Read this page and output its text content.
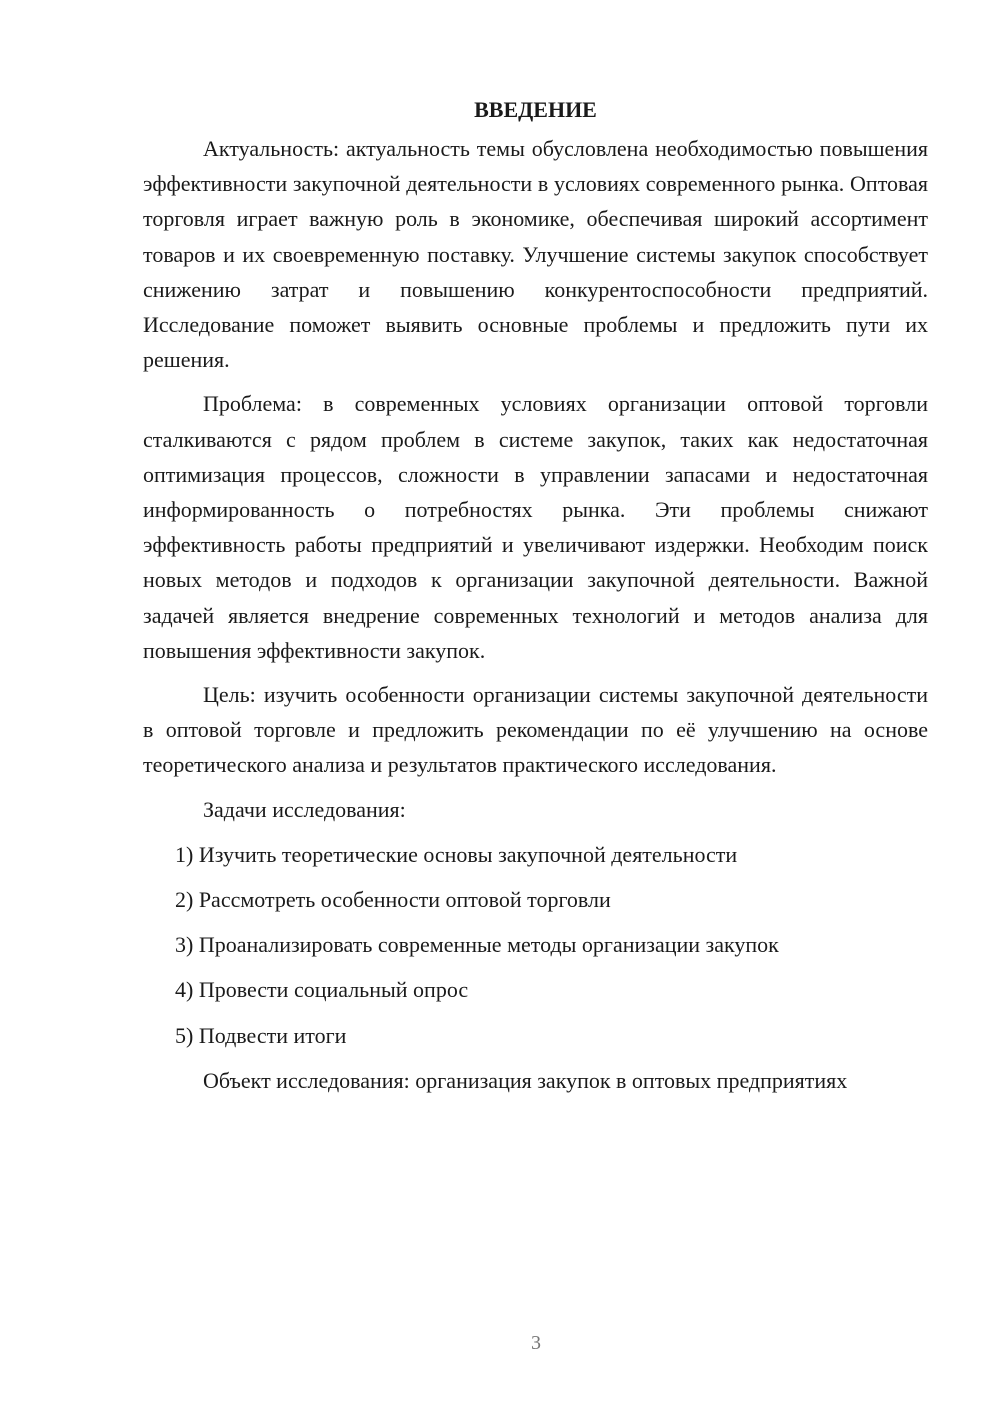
ВВЕДЕНИЕ

Актуальность: актуальность темы обусловлена необходимостью повышения эффективности закупочной деятельности в условиях современного рынка. Оптовая торговля играет важную роль в экономике, обеспечивая широкий ассортимент товаров и их своевременную поставку. Улучшение системы закупок способствует снижению затрат и повышению конкурентоспособности предприятий. Исследование поможет выявить основные проблемы и предложить пути их решения.

Проблема: в современных условиях организации оптовой торговли сталкиваются с рядом проблем в системе закупок, таких как недостаточная оптимизация процессов, сложности в управлении запасами и недостаточная информированность о потребностях рынка. Эти проблемы снижают эффективность работы предприятий и увеличивают издержки. Необходим поиск новых методов и подходов к организации закупочной деятельности. Важной задачей является внедрение современных технологий и методов анализа для повышения эффективности закупок.

Цель: изучить особенности организации системы закупочной деятельности в оптовой торговле и предложить рекомендации по её улучшению на основе теоретического анализа и результатов практического исследования.

Задачи исследования:

1) Изучить теоретические основы закупочной деятельности
2) Рассмотреть особенности оптовой торговли
3) Проанализировать современные методы организации закупок
4) Провести социальный опрос
5) Подвести итоги

Объект исследования: организация закупок в оптовых предприятиях

3
